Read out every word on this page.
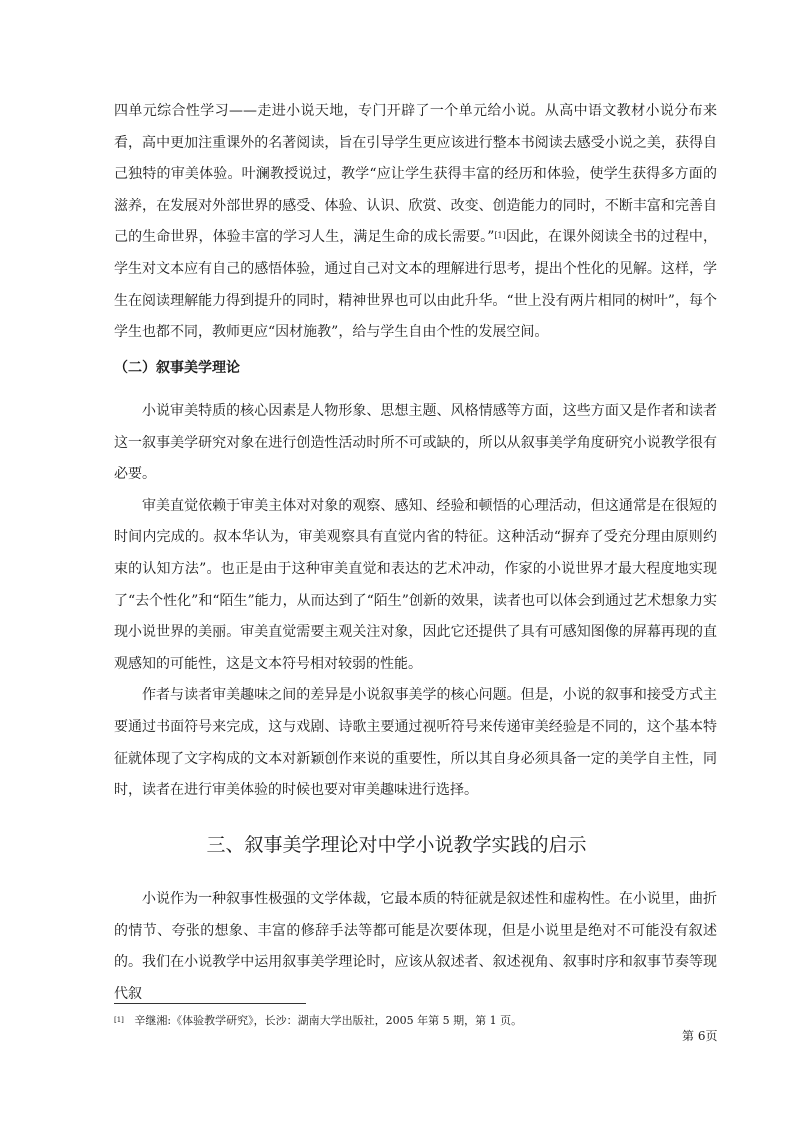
四单元综合性学习——走进小说天地，专门开辟了一个单元给小说。从高中语文教材小说分布来看，高中更加注重课外的名著阅读，旨在引导学生更应该进行整本书阅读去感受小说之美，获得自己独特的审美体验。叶澜教授说过，教学“应让学生获得丰富的经历和体验，使学生获得多方面的滋养，在发展对外部世界的感受、体验、认识、欣赏、改变、创造能力的同时，不断丰富和完善自己的生命世界，体验丰富的学习人生，满足生命的成长需要。”[1]因此，在课外阅读全书的过程中，学生对文本应有自己的感悟体验，通过自己对文本的理解进行思考，提出个性化的见解。这样，学生在阅读理解能力得到提升的同时，精神世界也可以由此升华。“世上没有两片相同的树叶”，每个学生也都不同，教师更应“因材施教”，给与学生自由个性的发展空间。

（二）叙事美学理论

小说审美特质的核心因素是人物形象、思想主题、风格情感等方面，这些方面又是作者和读者这一叙事美学研究对象在进行创造性活动时所不可或缺的，所以从叙事美学角度研究小说教学很有必要。

审美直觉依赖于审美主体对对象的观察、感知、经验和顿悟的心理活动，但这通常是在很短的时间内完成的。叔本华认为，审美观察具有直觉内省的特征。这种活动“摒弃了受充分理由原则约束的认知方法”。也正是由于这种审美直觉和表达的艺术冲动，作家的小说世界才最大程度地实现了“去个性化”和“陌生”能力，从而达到了“陌生”创新的效果，读者也可以体会到通过艺术想象力实现小说世界的美丽。审美直觉需要主观关注对象，因此它还提供了具有可感知图像的屏幕再现的直观感知的可能性，这是文本符号相对较弱的性能。

作者与读者审美趣味之间的差异是小说叙事美学的核心问题。但是，小说的叙事和接受方式主要通过书面符号来完成，这与戏剧、诗歌主要通过视听符号来传递审美经验是不同的，这个基本特征就体现了文字构成的文本对新颖创作来说的重要性，所以其自身必须具备一定的美学自主性，同时，读者在进行审美体验的时候也要对审美趣味进行选择。

三、叙事美学理论对中学小说教学实践的启示

小说作为一种叙事性极强的文学体裁，它最本质的特征就是叙述性和虚构性。在小说里，曲折的情节、夸张的想象、丰富的修辞手法等都可能是次要体现，但是小说里是绝对不可能没有叙述的。我们在小说教学中运用叙事美学理论时，应该从叙述者、叙述视角、叙事时序和叙事节奏等现代叙

[1] 辛继湘:《体验教学研究》，长沙：湖南大学出版社，2005 年第 5 期，第 1 页。
第 6页
